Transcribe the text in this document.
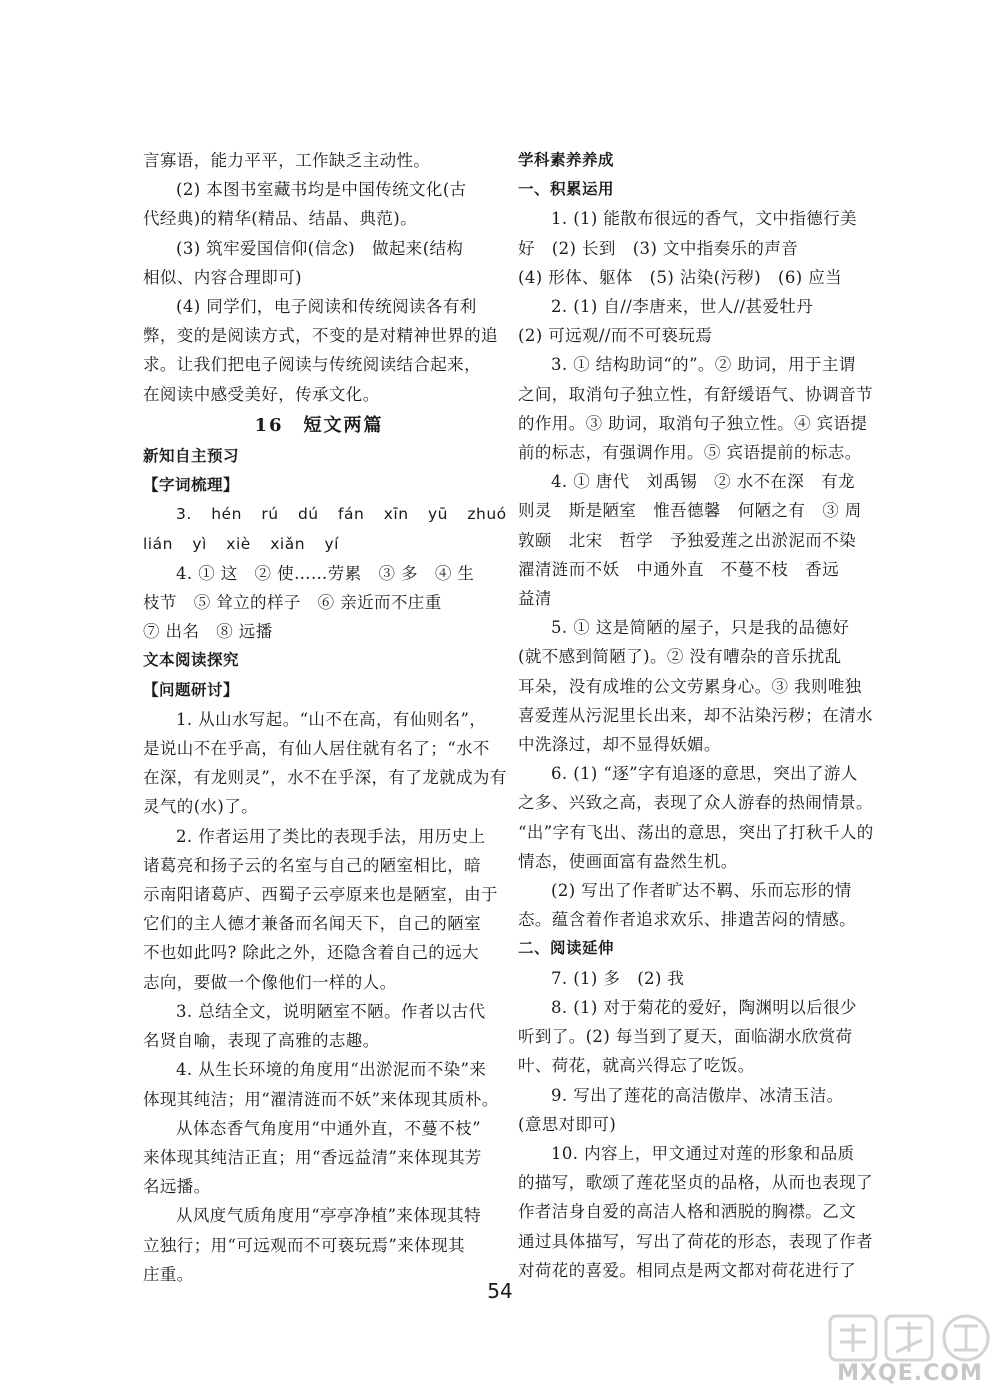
言寡语，能力平平，工作缺乏主动性。
(2) 本图书室藏书均是中国传统文化(古
代经典)的精华(精品、结晶、典范)。
(3) 筑牢爱国信仰(信念)　做起来(结构
相似、内容合理即可)
(4) 同学们，电子阅读和传统阅读各有利
弊，变的是阅读方式，不变的是对精神世界的追
求。让我们把电子阅读与传统阅读结合起来，
在阅读中感受美好，传承文化。
16　短文两篇
新知自主预习
【字词梳理】
3. hén rú dú fán xīn yū zhuó
lián yì xiè xiǎn yí
4. ① 这　② 使……劳累　③ 多　④ 生
枝节　⑤ 耸立的样子　⑥ 亲近而不庄重
⑦ 出名　⑧ 远播
文本阅读探究
【问题研讨】
1. 从山水写起。“山不在高，有仙则名”，
是说山不在乎高，有仙人居住就有名了；“水不
在深，有龙则灵”，水不在乎深，有了龙就成为有
灵气的(水)了。
2. 作者运用了类比的表现手法，用历史上
诸葛亮和扬子云的名室与自己的陋室相比，暗
示南阳诸葛庐、西蜀子云亭原来也是陋室，由于
它们的主人德才兼备而名闻天下，自己的陋室
不也如此吗? 除此之外，还隐含着自己的远大
志向，要做一个像他们一样的人。
3. 总结全文，说明陋室不陋。作者以古代
名贤自喻，表现了高雅的志趣。
4. 从生长环境的角度用“出淤泥而不染”来
体现其纯洁；用“濯清涟而不妖”来体现其质朴。
从体态香气角度用“中通外直，不蔓不枝”
来体现其纯洁正直；用“香远益清”来体现其芳
名远播。
从风度气质角度用“亭亭净植”来体现其特
立独行；用“可远观而不可亵玩焉”来体现其
庄重。
学科素养养成
一、积累运用
1. (1) 能散布很远的香气，文中指德行美
好　(2) 长到　(3) 文中指奏乐的声音
(4) 形体、躯体　(5) 沾染(污秽)　(6) 应当
2. (1) 自//李唐来，世人//甚爱牡丹
(2) 可远观//而不可亵玩焉
3. ① 结构助词“的”。② 助词，用于主谓
之间，取消句子独立性，有舒缓语气、协调音节
的作用。③ 助词，取消句子独立性。④ 宾语提
前的标志，有强调作用。⑤ 宾语提前的标志。
4. ① 唐代　刘禹锡　② 水不在深　有龙
则灵　斯是陋室　惟吾德馨　何陋之有　③ 周
敦颐　北宋　哲学　予独爱莲之出淤泥而不染
濯清涟而不妖　中通外直　不蔓不枝　香远
益清
5. ① 这是简陋的屋子，只是我的品德好
(就不感到简陋了)。② 没有嘈杂的音乐扰乱
耳朵，没有成堆的公文劳累身心。③ 我则唯独
喜爱莲从污泥里长出来，却不沾染污秽；在清水
中洗涤过，却不显得妖媚。
6. (1) “逐”字有追逐的意思，突出了游人
之多、兴致之高，表现了众人游春的热闹情景。
“出”字有飞出、荡出的意思，突出了打秋千人的
情态，使画面富有盎然生机。
(2) 写出了作者旷达不羁、乐而忘形的情
态。蕴含着作者追求欢乐、排遣苦闷的情感。
二、阅读延伸
7. (1) 多　(2) 我
8. (1) 对于菊花的爱好，陶渊明以后很少
听到了。(2) 每当到了夏天，面临湖水欣赏荷
叶、荷花，就高兴得忘了吃饭。
9. 写出了莲花的高洁傲岸、冰清玉洁。
(意思对即可)
10. 内容上，甲文通过对莲的形象和品质
的描写，歌颂了莲花坚贞的品格，从而也表现了
作者洁身自爱的高洁人格和洒脱的胸襟。乙文
通过具体描写，写出了荷花的形态，表现了作者
对荷花的喜爱。相同点是两文都对荷花进行了
54
MXQE.COM
